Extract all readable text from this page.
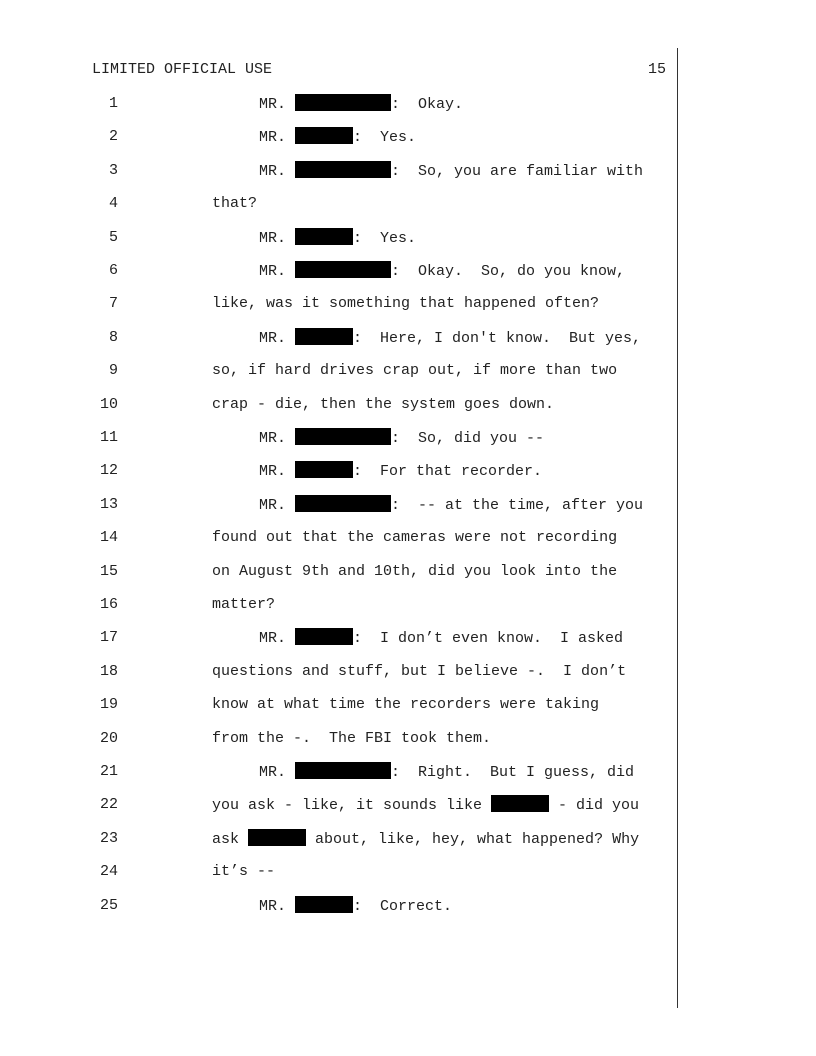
LIMITED OFFICIAL USE	15
1	MR.	:  Okay.
2	MR.	:  Yes.
3	MR.	:  So, you are familiar with
4	that?
5	MR.	:  Yes.
6	MR.	:  Okay.  So, do you know,
7	like, was it something that happened often?
8	MR.	:  Here, I don't know.  But yes,
9	so, if hard drives crap out, if more than two
10	crap - die, then the system goes down.
11	MR.	:  So, did you --
12	MR.	:  For that recorder.
13	MR.	:  -- at the time, after you
14	found out that the cameras were not recording
15	on August 9th and 10th, did you look into the
16	matter?
17	MR.	:  I don’t even know.  I asked
18	questions and stuff, but I believe -.  I don’t
19	know at what time the recorders were taking
20	from the -.  The FBI took them.
21	MR.	:  Right.  But I guess, did
22	you ask - like, it sounds like	- did you
23	ask	about, like, hey, what happened? Why
24	it’s --
25	MR.	:  Correct.
